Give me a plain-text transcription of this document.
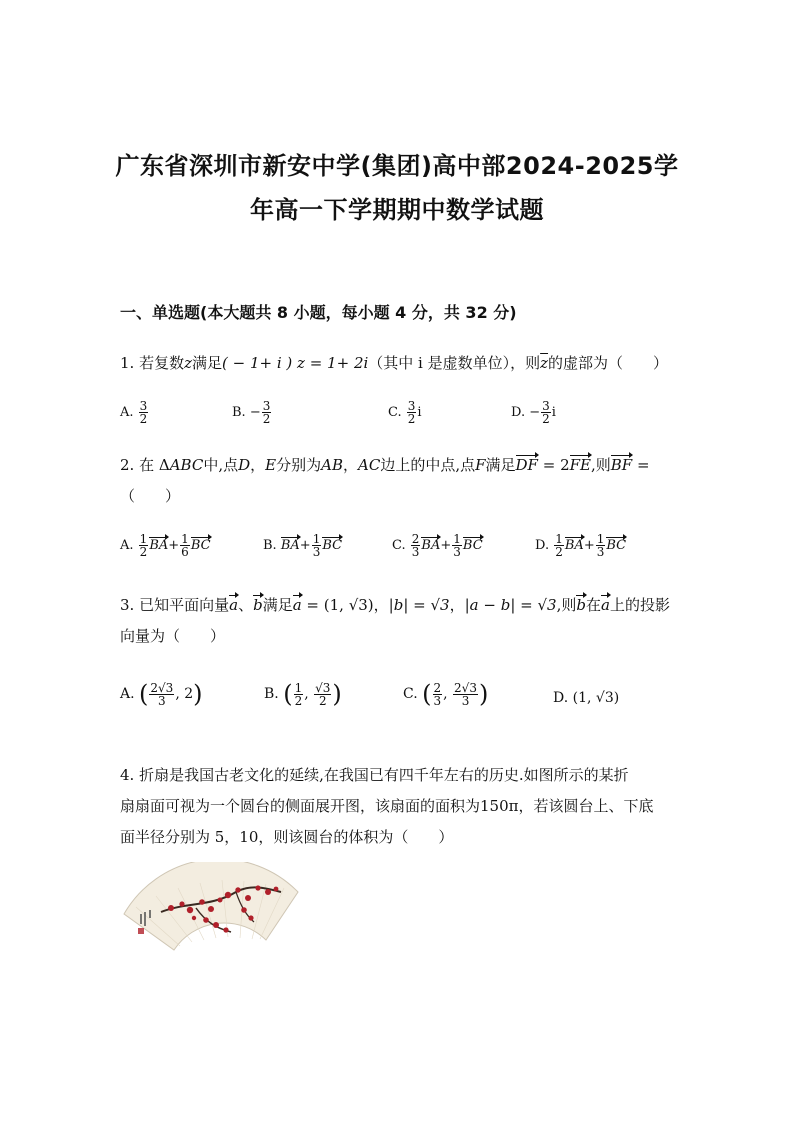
广东省深圳市新安中学(集团)高中部2024-2025学
年高一下学期期中数学试题
一、单选题(本大题共 8 小题，每小题 4 分，共 32 分)
1. 若复数z满足( − 1+ i ) z = 1+ 2i（其中 i 是虚数单位），则$\overline{z}$的虚部为（　　）
A. $\frac{3}{2}$	B. − $\frac{3}{2}$	C. $\frac{3}{2}$ i	D. − $\frac{3}{2}$ i
2. 在 ΔABC中,点D，E分别为AB，AC边上的中点,点F满足DF = 2FE,则BF =
（　　）
A. $\frac{1}{2} BA+ \frac{1}{6}$ BC	B. $BA+ \frac{1}{3}$ BC	C. $\frac{2}{3} BA+ \frac{1}{3}$ BC	D. $\frac{1}{2} BA+ \frac{1}{3}$ BC
3. 已知平面向量a、b满足a = (1, √3)，|b| = √3，|a − b| = √3,则b在a上的投影
向量为（　　）
A. ( $\frac{2√3}{3}$ , 2)	B. ( $\frac{1}{2}$ , $\frac{√3}{2}$ )	C. ( $\frac{2}{3}$ , $\frac{2√3}{3}$ )	D. (1, √3)
4. 折扇是我国古老文化的延续,在我国已有四千年左右的历史.如图所示的某折
扇扇面可视为一个圆台的侧面展开图，该扇面的面积为150π，若该圆台上、下底
面半径分别为 5，10，则该圆台的体积为（　　）
